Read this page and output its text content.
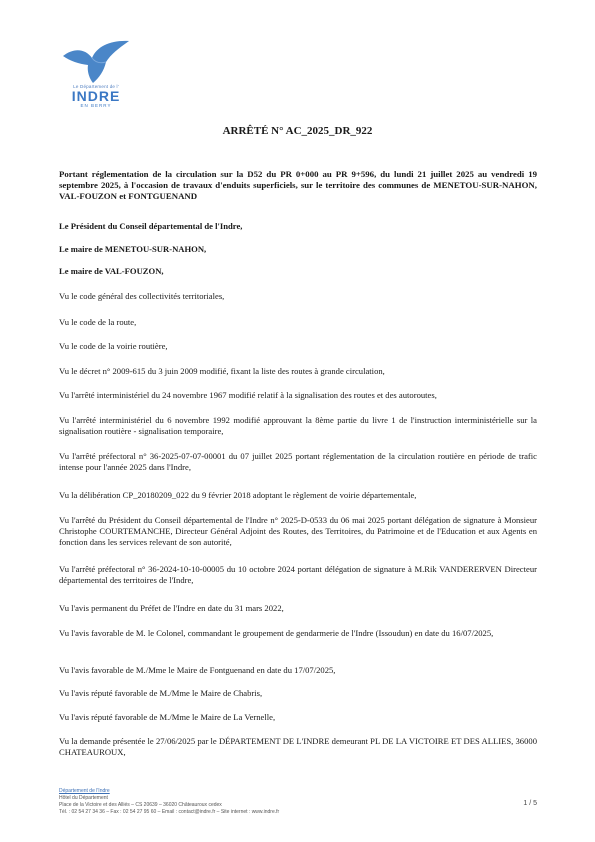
Le Département de l'
INDRE
EN BERRY
ARRÊTÉ N° AC_2025_DR_922
Portant réglementation de la circulation sur la D52 du PR 0+000 au PR 9+596, du lundi 21 juillet 2025 au vendredi 19 septembre 2025, à l'occasion de travaux d'enduits superficiels, sur le territoire des communes de MENETOU-SUR-NAHON, VAL-FOUZON et FONTGUENAND
Le Président du Conseil départemental de l'Indre,
Le maire de MENETOU-SUR-NAHON,
Le maire de VAL-FOUZON,
Vu le code général des collectivités territoriales,
Vu le code de la route,
Vu le code de la voirie routière,
Vu le décret n° 2009-615 du 3 juin 2009 modifié, fixant la liste des routes à grande circulation,
Vu l'arrêté interministériel du 24 novembre 1967 modifié relatif à la signalisation des routes et des autoroutes,
Vu l'arrêté interministériel du 6 novembre 1992 modifié approuvant la 8ème partie du livre 1 de l'instruction interministérielle sur la signalisation routière - signalisation temporaire,
Vu l'arrêté préfectoral n° 36-2025-07-07-00001 du 07 juillet 2025 portant réglementation de la circulation routière en période de trafic intense pour l'année 2025 dans l'Indre,
Vu la délibération CP_20180209_022 du 9 février 2018 adoptant le règlement de voirie départementale,
Vu l'arrêté du Président du Conseil départemental de l'Indre n° 2025-D-0533 du 06 mai 2025 portant délégation de signature à Monsieur Christophe COURTEMANCHE, Directeur Général Adjoint des Routes, des Territoires, du Patrimoine et de l'Education et aux Agents en fonction dans les services relevant de son autorité,
Vu l'arrêté préfectoral n° 36-2024-10-10-00005 du 10 octobre 2024 portant délégation de signature à M.Rik VANDERERVEN Directeur départemental des territoires de l'Indre,
Vu l'avis permanent du Préfet de l'Indre en date du 31 mars 2022,
Vu l'avis favorable de M. le Colonel, commandant le groupement de gendarmerie de l'Indre (Issoudun) en date du 16/07/2025,
Vu l'avis favorable de M./Mme le Maire de Fontguenand en date du 17/07/2025,
Vu l'avis réputé favorable de M./Mme le Maire de Chabris,
Vu l'avis réputé favorable de M./Mme le Maire de La Vernelle,
Vu la demande présentée le 27/06/2025 par le DÉPARTEMENT DE L'INDRE demeurant PL DE LA VICTOIRE ET DES ALLIES, 36000 CHATEAUROUX,
Département de l'Indre
Hôtel du Département
Place de la Victoire et des Alliés – CS 20639 – 36020 Châteauroux cedex
Tél. : 02 54 27 34 36 – Fax : 02 54 27 95 60 – Email : contact@indre.fr – Site internet : www.indre.fr
1 / 5
